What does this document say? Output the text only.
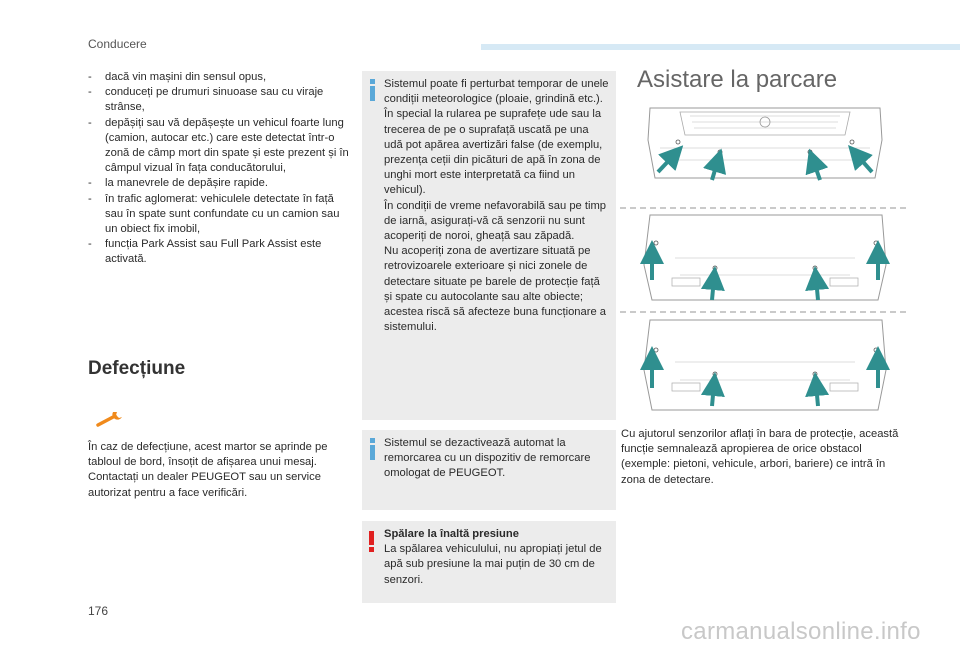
Conducere
-	dacă vin mașini din sensul opus,
-	conduceți pe drumuri sinuoase sau cu viraje strânse,
-	depășiți sau vă depășește un vehicul foarte lung (camion, autocar etc.) care este detectat într-o zonă de câmp mort din spate și este prezent și în câmpul vizual în fața conducătorului,
-	la manevrele de depășire rapide.
-	în trafic aglomerat: vehiculele detectate în față sau în spate sunt confundate cu un camion sau un obiect fix imobil,
-	funcția Park Assist sau Full Park Assist este activată.
Defecțiune
În caz de defecțiune, acest martor se aprinde pe tabloul de bord, însoțit de afișarea unui mesaj.
Contactați un dealer PEUGEOT sau un service autorizat pentru a face verificări.
Sistemul poate fi perturbat temporar de unele condiții meteorologice (ploaie, grindină etc.).
În special la rularea pe suprafețe ude sau la trecerea de pe o suprafață uscată pe una udă pot apărea avertizări false (de exemplu, prezența ceții din picături de apă în zona de unghi mort este interpretată ca fiind un vehicul).
În condiții de vreme nefavorabilă sau pe timp de iarnă, asigurați-vă că senzorii nu sunt acoperiți de noroi, gheață sau zăpadă.
Nu acoperiți zona de avertizare situată pe retrovizoarele exterioare și nici zonele de detectare situate pe barele de protecție față și spate cu autocolante sau alte obiecte; acestea riscă să afecteze buna funcționare a sistemului.
Sistemul se dezactivează automat la remorcarea cu un dispozitiv de remorcare omologat de PEUGEOT.
Spălare la înaltă presiune
La spălarea vehiculului, nu apropiați jetul de apă sub presiune la mai puțin de 30 cm de senzori.
Asistare la parcare
Cu ajutorul senzorilor aflați în bara de protecție, această funcție semnalează apropierea de orice obstacol (exemple: pietoni, vehicule, arbori, bariere) ce intră în zona de detectare.
176
carmanualsonline.info
